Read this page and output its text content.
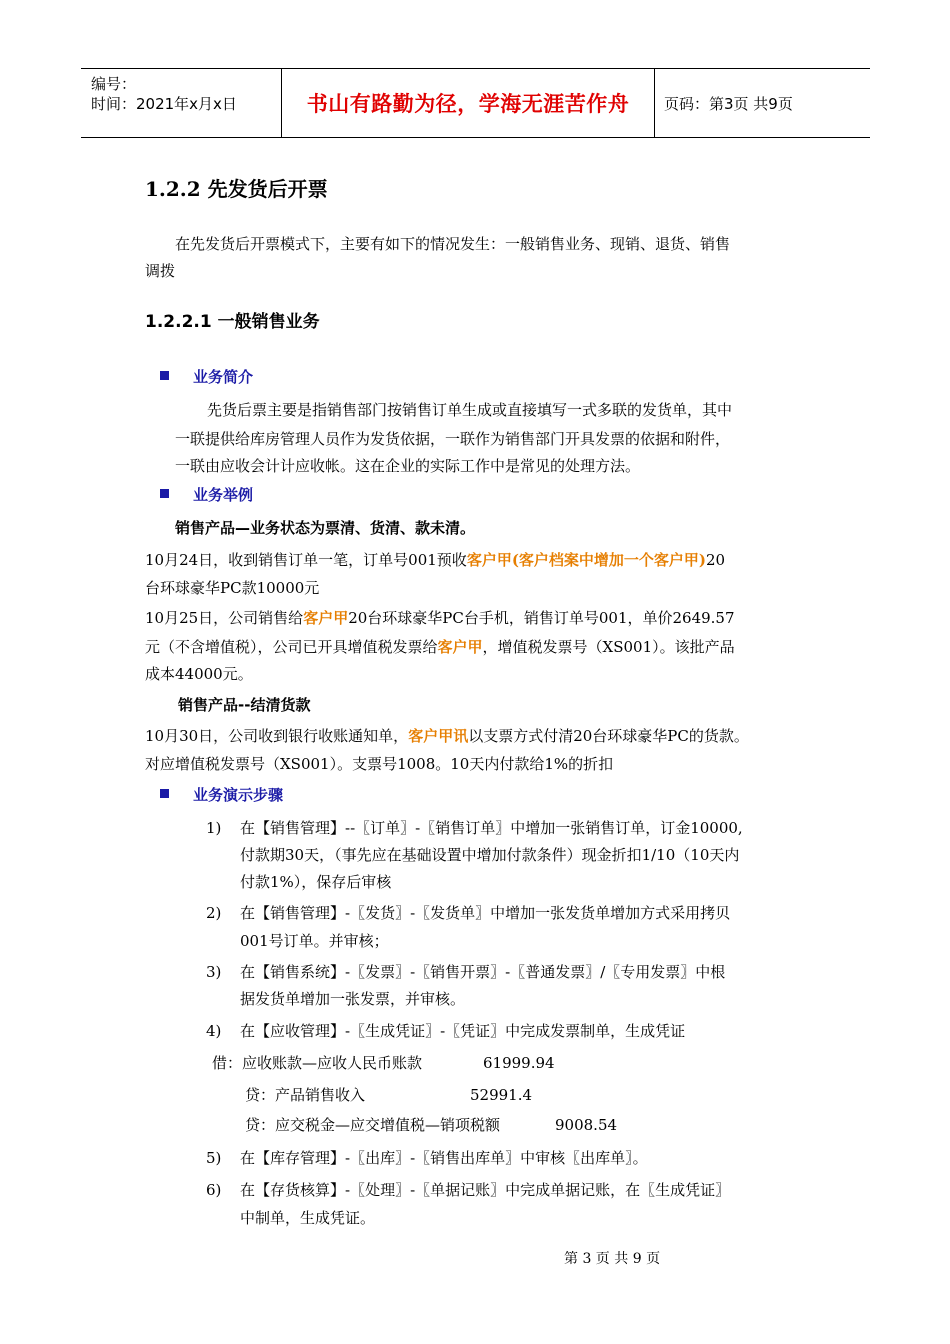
编号：
时间：2021年x月x日	书山有路勤为径，学海无涯苦作舟	页码：第3页 共9页
1.2.2 先发货后开票
在先发货后开票模式下，主要有如下的情况发生：一般销售业务、现销、退货、销售
调拨
1.2.2.1 一般销售业务
业务简介
先货后票主要是指销售部门按销售订单生成或直接填写一式多联的发货单，其中
一联提供给库房管理人员作为发货依据，一联作为销售部门开具发票的依据和附件，
一联由应收会计计应收帐。这在企业的实际工作中是常见的处理方法。
业务举例
销售产品—业务状态为票清、货清、款未清。
10月24日，收到销售订单一笔，订单号001预收客户甲(客户档案中增加一个客户甲)20
台环球豪华PC款10000元
10月25日，公司销售给客户甲20台环球豪华PC台手机，销售订单号001，单价2649.57
元（不含增值税），公司已开具增值税发票给客户甲，增值税发票号（XS001）。该批产品
成本44000元。
销售产品--结清货款
10月30日，公司收到银行收账通知单，客户甲讯以支票方式付清20台环球豪华PC的货款。
对应增值税发票号（XS001）。支票号1008。10天内付款给1%的折扣
业务演示步骤
1) 在【销售管理】--〖订单〗-〖销售订单〗中增加一张销售订单，订金10000,
付款期30天，（事先应在基础设置中增加付款条件）现金折扣1/10（10天内
付款1%），保存后审核
2) 在【销售管理】-〖发货〗-〖发货单〗中增加一张发货单增加方式采用拷贝
001号订单。并审核；
3) 在【销售系统】-〖发票〗-〖销售开票〗-〖普通发票〗/〖专用发票〗中根
据发货单增加一张发票，并审核。
4) 在【应收管理】-〖生成凭证〗-〖凭证〗中完成发票制单，生成凭证
借：应收账款—应收人民币账款	61999.94
贷：产品销售收入	52991.4
贷：应交税金—应交增值税—销项税额	9008.54
5) 在【库存管理】-〖出库〗-〖销售出库单〗中审核〖出库单〗。
6) 在【存货核算】-〖处理〗-〖单据记账〗中完成单据记账，在〖生成凭证〗
中制单，生成凭证。
第 3 页 共 9 页
